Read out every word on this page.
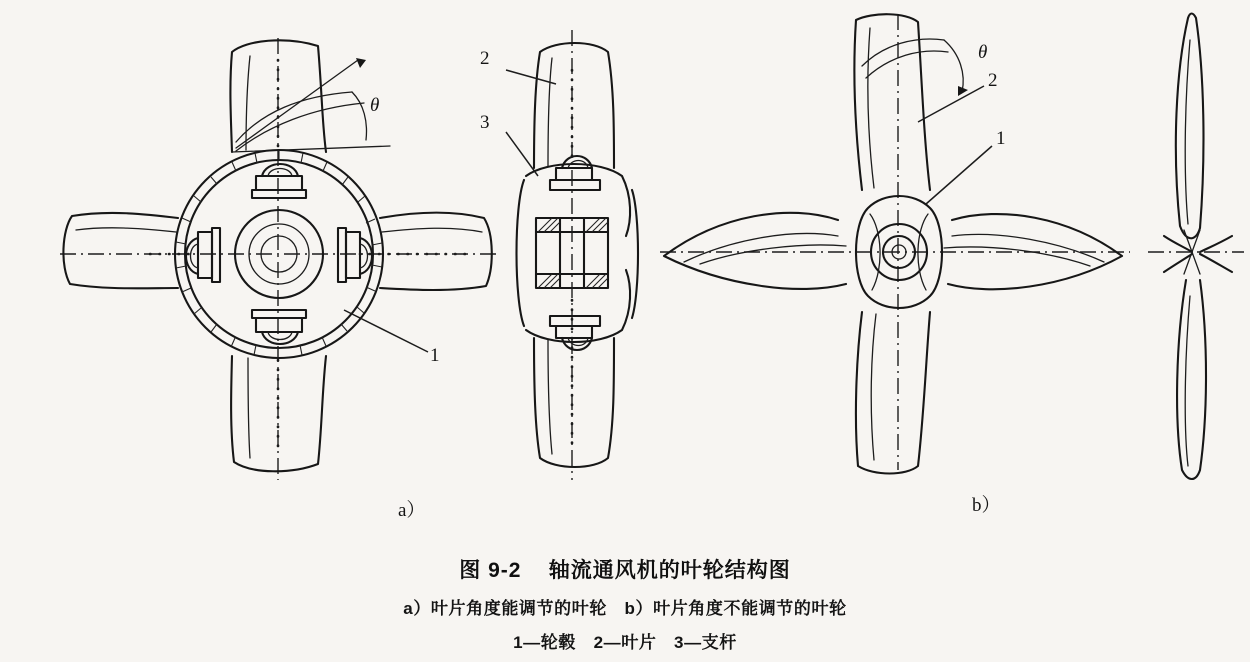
θ
1
2
3
θ
2
1
a）	b）

图 9-2 轴流通风机的叶轮结构图

a）叶片角度能调节的叶轮　b）叶片角度不能调节的叶轮

1—轮毂　2—叶片　3—支杆
